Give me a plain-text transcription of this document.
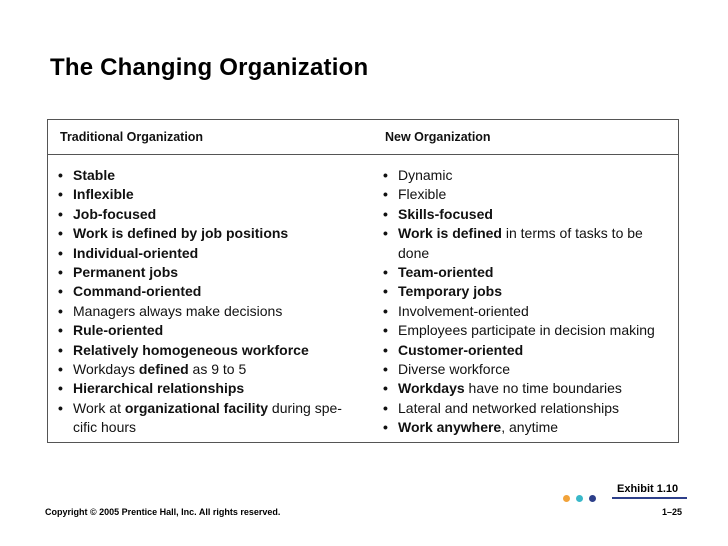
The Changing Organization
Traditional Organization	New Organization
• Stable
• Inflexible
• Job-focused
• Work is defined by job positions
• Individual-oriented
• Permanent jobs
• Command-oriented
• Managers always make decisions
• Rule-oriented
• Relatively homogeneous workforce
• Workdays defined as 9 to 5
• Hierarchical relationships
• Work at organizational facility during spe-cific hours
• Dynamic
• Flexible
• Skills-focused
• Work is defined in terms of tasks to be done
• Team-oriented
• Temporary jobs
• Involvement-oriented
• Employees participate in decision making
• Customer-oriented
• Diverse workforce
• Workdays have no time boundaries
• Lateral and networked relationships
• Work anywhere, anytime
Exhibit 1.10
Copyright © 2005 Prentice Hall, Inc. All rights reserved.	1–25
